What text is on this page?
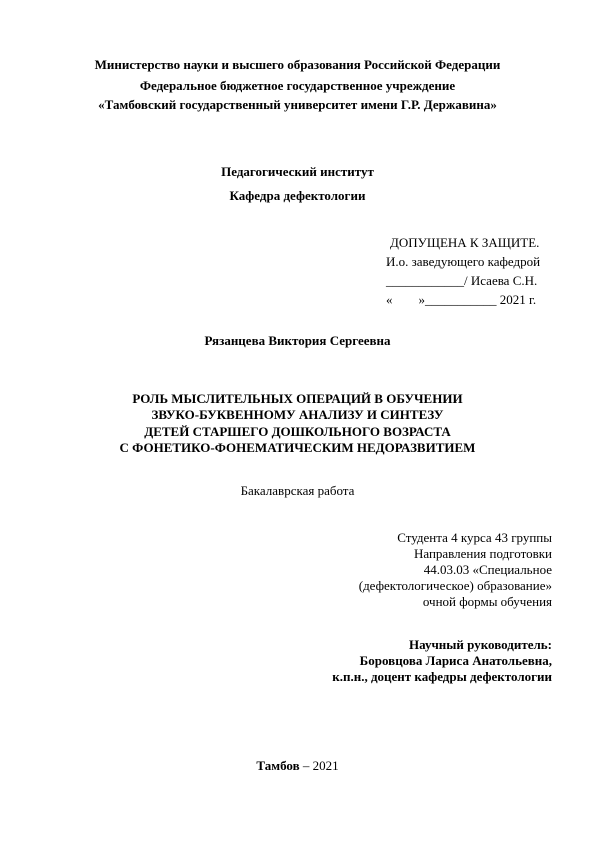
Министерство науки и высшего образования Российской Федерации
Федеральное бюджетное государственное учреждение
«Тамбовский государственный университет имени Г.Р. Державина»
Педагогический институт
Кафедра дефектологии
ДОПУЩЕНА К ЗАЩИТЕ.
И.о. заведующего кафедрой
____________/ Исаева С.Н.
«        »___________ 2021 г.
Рязанцева Виктория Сергеевна
РОЛЬ МЫСЛИТЕЛЬНЫХ ОПЕРАЦИЙ В ОБУЧЕНИИ
ЗВУКО-БУКВЕННОМУ АНАЛИЗУ И СИНТЕЗУ
ДЕТЕЙ СТАРШЕГО ДОШКОЛЬНОГО ВОЗРАСТА
С ФОНЕТИКО-ФОНЕМАТИЧЕСКИМ НЕДОРАЗВИТИЕМ
Бакалаврская работа
Студента 4 курса 43 группы
Направления подготовки
44.03.03 «Специальное
(дефектологическое) образование»
очной формы обучения
Научный руководитель:
Боровцова Лариса Анатольевна,
к.п.н., доцент кафедры дефектологии
Тамбов – 2021
